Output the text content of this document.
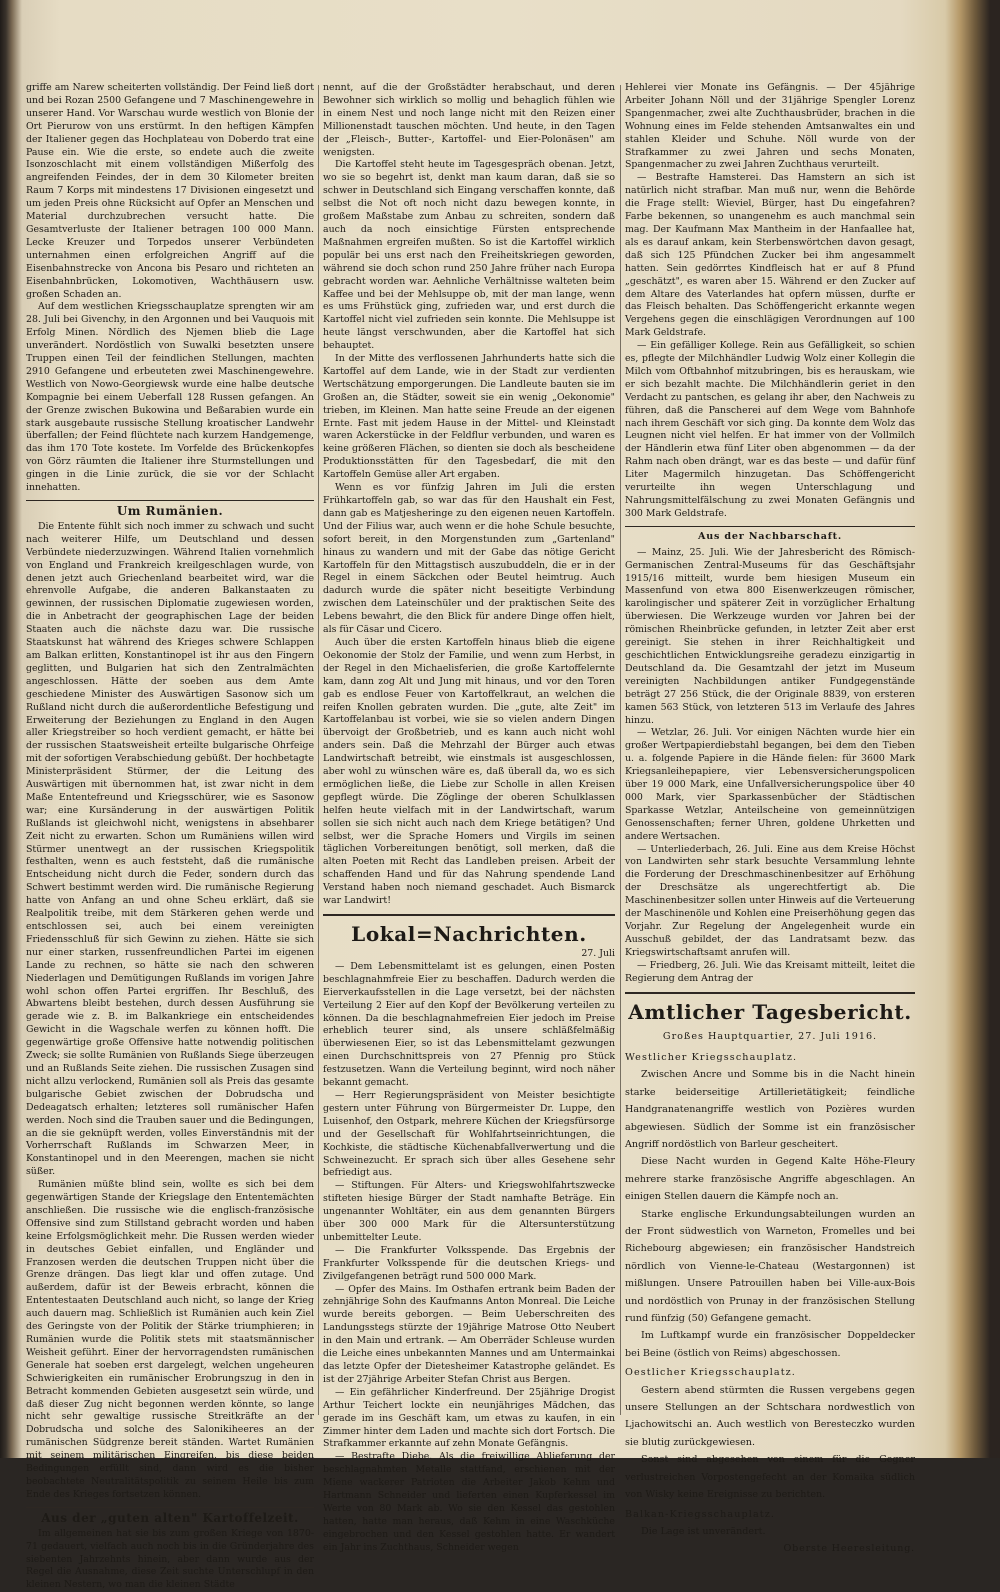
griffe am Narew scheiterten vollständig. Der Feind ließ dort und bei Rozan 2500 Gefangene und 7 Maschinengewehre in unserer Hand. Vor Warschau wurde westlich von Blonie der Ort Pierurow von uns erstürmt. In den heftigen Kämpfen der Italiener gegen das Hochplateau von Doberdo trat eine Pause ein. Wie die erste, so endete auch die zweite Isonzoschlacht mit einem vollständigen Mißerfolg des angreifenden Feindes, der in dem 30 Kilometer breiten Raum 7 Korps mit mindestens 17 Divisionen eingesetzt und um jeden Preis ohne Rücksicht auf Opfer an Menschen und Material durchzubrechen versucht hatte. Die Gesamtverluste der Italiener betragen 100 000 Mann. Lecke Kreuzer und Torpedos unserer Verbündeten unternahmen einen erfolgreichen Angriff auf die Eisenbahnstrecke von Ancona bis Pesaro und richteten an Eisenbahnbrücken, Lokomotiven, Wachthäusern usw. großen Schaden an.

Auf dem westlichen Kriegsschauplatze sprengten wir am 28. Juli bei Givenchy, in den Argonnen und bei Vauquois mit Erfolg Minen. Nördlich des Njemen blieb die Lage unverändert. Nordöstlich von Suwalki besetzten unsere Truppen einen Teil der feindlichen Stellungen, machten 2910 Gefangene und erbeuteten zwei Maschinengewehre. Westlich von Nowo-Georgiewsk wurde eine halbe deutsche Kompagnie bei einem Ueberfall 128 Russen gefangen. An der Grenze zwischen Bukowina und Beßarabien wurde ein stark ausgebaute russische Stellung kroatischer Landwehr überfallen; der Feind flüchtete nach kurzem Handgemenge, das ihm 170 Tote kostete. Im Vorfelde des Brückenkopfes von Görz räumten die Italiener ihre Sturmstellungen und gingen in die Linie zurück, die sie vor der Schlacht innehatten.

Um Rumänien.

Die Entente fühlt sich noch immer zu schwach und sucht nach weiterer Hilfe, um Deutschland und dessen Verbündete niederzuzwingen. Während Italien vornehmlich von England und Frankreich kreilgeschlagen wurde, von denen jetzt auch Griechenland bearbeitet wird, war die ehrenvolle Aufgabe, die anderen Balkanstaaten zu gewinnen, der russischen Diplomatie zugewiesen worden, die in Anbetracht der geographischen Lage der beiden Staaten auch die nächste dazu war. Die russische Staatskunst hat während des Krieges schwere Schlappen am Balkan erlitten, Konstantinopel ist ihr aus den Fingern geglitten, und Bulgarien hat sich den Zentralmächten angeschlossen. Hätte der soeben aus dem Amte geschiedene Minister des Auswärtigen Sasonow sich um Rußland nicht durch die außerordentliche Befestigung und Erweiterung der Beziehungen zu England in den Augen aller Kriegstreiber so hoch verdient gemacht, er hätte bei der russischen Staatsweisheit erteilte bulgarische Ohrfeige mit der sofortigen Verabschiedung gebüßt. Der hochbetagte Ministerpräsident Stürmer, der die Leitung des Auswärtigen mit übernommen hat, ist zwar nicht in dem Maße Ententefreund und Kriegsschürer, wie es Sasonow war; eine Kursänderung in der auswärtigen Politik Rußlands ist gleichwohl nicht, wenigstens in absehbarer Zeit nicht zu erwarten. Schon um Rumäniens willen wird Stürmer unentwegt an der russischen Kriegspolitik festhalten, wenn es auch feststeht, daß die rumänische Entscheidung nicht durch die Feder, sondern durch das Schwert bestimmt werden wird. Die rumänische Regierung hatte von Anfang an und ohne Scheu erklärt, daß sie Realpolitik treibe, mit dem Stärkeren gehen werde und entschlossen sei, auch bei einem vereinigten Friedensschluß für sich Gewinn zu ziehen. Hätte sie sich nur einer starken, russenfreundlichen Partei im eigenen Lande zu rechnen, so hätte sie nach den schweren Niederlagen und Demütigungen Rußlands im vorigen Jahre wohl schon offen Partei ergriffen. Ihr Beschluß, des Abwartens bleibt bestehen, durch dessen Ausführung sie gerade wie z. B. im Balkankriege ein entscheidendes Gewicht in die Wagschale werfen zu können hofft. Die gegenwärtige große Offensive hatte notwendig politischen Zweck; sie sollte Rumänien von Rußlands Siege überzeugen und an Rußlands Seite ziehen. Die russischen Zusagen sind nicht allzu verlockend, Rumänien soll als Preis das gesamte bulgarische Gebiet zwischen der Dobrudscha und Dedeagatsch erhalten; letzteres soll rumänischer Hafen werden. Noch sind die Trauben sauer und die Bedingungen, an die sie geknüpft werden, volles Einverständnis mit der Vorherrschaft Rußlands im Schwarzen Meer, in Konstantinopel und in den Meerengen, machen sie nicht süßer.

Rumänien müßte blind sein, wollte es sich bei dem gegenwärtigen Stande der Kriegslage den Ententemächten anschließen. Die russische wie die englisch-französische Offensive sind zum Stillstand gebracht worden und haben keine Erfolgsmöglichkeit mehr. Die Russen werden wieder in deutsches Gebiet einfallen, und Engländer und Franzosen werden die deutschen Truppen nicht über die Grenze drängen. Das liegt klar und offen zutage. Und außerdem, dafür ist der Beweis erbracht, können die Ententestaaten Deutschland auch nicht, so lange der Krieg auch dauern mag. Schließlich ist Rumänien auch kein Ziel des Geringste von der Politik der Stärke triumphieren; in Rumänien wurde die Politik stets mit staatsmännischer Weisheit geführt. Einer der hervorragendsten rumänischen Generale hat soeben erst dargelegt, welchen ungeheuren Schwierigkeiten ein rumänischer Erobrungszug in den in Betracht kommenden Gebieten ausgesetzt sein würde, und daß dieser Zug nicht begonnen werden könnte, so lange nicht sehr gewaltige russische Streitkräfte an der Dobrudscha und solche des Salonikiheeres an der rumänischen Südgrenze bereit ständen. Wartet Rumänien mit seinem militärischen Eingreifen, bis diese beiden Bedingungen erfüllt sind, dann wird es die bisher beobachtete Neutralitätspolitik zu seinem Heile bis zum Ende des Krieges fortsetzen können.

Aus der „guten alten" Kartoffelzeit.

Im allgemeinen hat sie bis zum großen Kriege von 1870-71 gedauert, vielfach auch noch bis in die Gründerjahre des siebenten Jahrzehnts hinein, aber dann wurde aus der Regel die Ausnahme, diese Zeit suchte Unterschlupf in den kleinen Nestern, wo man die kleinen Städte

nennt, auf die der Großstädter herabschaut, und deren Bewohner sich wirklich so mollig und behaglich fühlen wie in einem Nest und noch lange nicht mit den Reizen einer Millionenstadt tauschen möchten. Und heute, in den Tagen der „Fleisch-, Butter-, Kartoffel- und Eier-Polonäsen" am wenigsten.

Die Kartoffel steht heute im Tagesgespräch obenan. Jetzt, wo sie so begehrt ist, denkt man kaum daran, daß sie so schwer in Deutschland sich Eingang verschaffen konnte, daß selbst die Not oft noch nicht dazu bewegen konnte, in großem Maßstabe zum Anbau zu schreiten, sondern daß auch da noch einsichtige Fürsten entsprechende Maßnahmen ergreifen mußten. So ist die Kartoffel wirklich populär bei uns erst nach den Freiheitskriegen geworden, während sie doch schon rund 250 Jahre früher nach Europa gebracht worden war. Aehnliche Verhältnisse walteten beim Kaffee und bei der Mehlsuppe ob, mit der man lange, wenn es ums Frühstück ging, zufrieden war, und erst durch die Kartoffel nicht viel zufrieden sein konnte. Die Mehlsuppe ist heute längst verschwunden, aber die Kartoffel hat sich behauptet.

In der Mitte des verflossenen Jahrhunderts hatte sich die Kartoffel auf dem Lande, wie in der Stadt zur verdienten Wertschätzung emporgerungen. Die Landleute bauten sie im Großen an, die Städter, soweit sie ein wenig „Oekonomie" trieben, im Kleinen. Man hatte seine Freude an der eigenen Ernte. Fast mit jedem Hause in der Mittel- und Kleinstadt waren Ackerstücke in der Feldflur verbunden, und waren es keine größeren Flächen, so dienten sie doch als bescheidene Produktionsstätten für den Tagesbedarf, die mit den Kartoffeln Gemüse aller Art ergaben.

Wenn es vor fünfzig Jahren im Juli die ersten Frühkartoffeln gab, so war das für den Haushalt ein Fest, dann gab es Matjesheringe zu den eigenen neuen Kartoffeln. Und der Filius war, auch wenn er die hohe Schule besuchte, sofort bereit, in den Morgenstunden zum „Gartenland" hinaus zu wandern und mit der Gabe das nötige Gericht Kartoffeln für den Mittagstisch auszubuddeln, die er in der Regel in einem Säckchen oder Beutel heimtrug. Auch dadurch wurde die später nicht beseitigte Verbindung zwischen dem Lateinschüler und der praktischen Seite des Lebens bewahrt, die den Blick für andere Dinge offen hielt, als für Cäsar und Cicero.

Auch über die ersten Kartoffeln hinaus blieb die eigene Oekonomie der Stolz der Familie, und wenn zum Herbst, in der Regel in den Michaelisferien, die große Kartoffelernte kam, dann zog Alt und Jung mit hinaus, und vor den Toren gab es endlose Feuer von Kartoffelkraut, an welchen die reifen Knollen gebraten wurden. Die „gute, alte Zeit" im Kartoffelanbau ist vorbei, wie sie so vielen andern Dingen übervoigt der Großbetrieb, und es kann auch nicht wohl anders sein. Daß die Mehrzahl der Bürger auch etwas Landwirtschaft betreibt, wie einstmals ist ausgeschlossen, aber wohl zu wünschen wäre es, daß überall da, wo es sich ermöglichen ließe, die Liebe zur Scholle in allen Kreisen gepflegt würde. Die Zöglinge der oberen Schulklassen helfen heute vielfach mit in der Landwirtschaft, warum sollen sie sich nicht auch nach dem Kriege betätigen? Und selbst, wer die Sprache Homers und Virgils im seinen täglichen Vorbereitungen benötigt, soll merken, daß die alten Poeten mit Recht das Landleben preisen. Arbeit der schaffenden Hand und für das Nahrung spendende Land Verstand haben noch niemand geschadet. Auch Bismarck war Landwirt!

Lokal=Nachrichten.
27. Juli

— Dem Lebensmittelamt ist es gelungen, einen Posten beschlagnahmfreie Eier zu beschaffen. Dadurch werden die Eierverkaufsstellen in die Lage versetzt, bei der nächsten Verteilung 2 Eier auf den Kopf der Bevölkerung verteilen zu können. Da die beschlagnahmefreien Eier jedoch im Preise erheblich teurer sind, als unsere schläßfelmäßig überwiesenen Eier, so ist das Lebensmittelamt gezwungen einen Durchschnittspreis von 27 Pfennig pro Stück festzusetzen. Wann die Verteilung beginnt, wird noch näher bekannt gemacht.

— Herr Regierungspräsident von Meister besichtigte gestern unter Führung von Bürgermeister Dr. Luppe, den Luisenhof, den Ostpark, mehrere Küchen der Kriegsfürsorge und der Gesellschaft für Wohlfahrtseinrichtungen, die Kochkiste, die städtische Küchenabfallverwertung und die Schweinezucht. Er sprach sich über alles Gesehene sehr befriedigt aus.

— Stiftungen. Für Alters- und Kriegswohlfahrtszwecke stifteten hiesige Bürger der Stadt namhafte Beträge. Ein ungenannter Wohltäter, ein aus dem genannten Bürgers über 300 000 Mark für die Altersunterstützung unbemittelter Leute.

— Die Frankfurter Volksspende. Das Ergebnis der Frankfurter Volksspende für die deutschen Kriegs- und Zivilgefangenen beträgt rund 500 000 Mark.

— Opfer des Mains. Im Osthafen ertrank beim Baden der zehnjährige Sohn des Kaufmanns Anton Monreal. Die Leiche wurde bereits geborgen. — Beim Ueberschreiten des Landungsstegs stürzte der 19jährige Matrose Otto Neubert in den Main und ertrank. — Am Oberräder Schleuse wurden die Leiche eines unbekannten Mannes und am Untermainkai das letzte Opfer der Dietesheimer Katastrophe geländet. Es ist der 27jährige Arbeiter Stefan Christ aus Bergen.

— Ein gefährlicher Kinderfreund. Der 25jährige Drogist Arthur Teichert lockte ein neunjähriges Mädchen, das gerade im ins Geschäft kam, um etwas zu kaufen, in ein Zimmer hinter dem Laden und machte sich dort Fortsch. Die Strafkammer erkannte auf zehn Monate Gefängnis.

— Bestrafte Diebe. Als die freiwillige Ablieferung der beschlagnahmten Metalle stattfand, erschienen mit der Miene wackerer Patrioten die Arbeiter Jakob Kehm und Hartmann Schneider und lieferten einen Kupferkessel im Werte von 80 Mark ab. Wo sie den Kessel das gestohlen hatten, hatte man heraus, daß Kehm in eine Waschküche eingebrochen und den Kessel gestohlen hatte. Er wandert ein Jahr ins Zuchthaus, Schneider wegen

Hehlerei vier Monate ins Gefängnis. — Der 45jährige Arbeiter Johann Nöll und der 31jährige Spengler Lorenz Spangenmacher, zwei alte Zuchthausbrüder, brachen in die Wohnung eines im Felde stehenden Amtsanwaltes ein und stahlen Kleider und Schuhe. Nöll wurde von der Strafkammer zu zwei Jahren und sechs Monaten, Spangenmacher zu zwei Jahren Zuchthaus verurteilt.

— Bestrafte Hamsterei. Das Hamstern an sich ist natürlich nicht strafbar. Man muß nur, wenn die Behörde die Frage stellt: Wieviel, Bürger, hast Du eingefahren? Farbe bekennen, so unangenehm es auch manchmal sein mag. Der Kaufmann Max Mantheim in der Hanfaallee hat, als es darauf ankam, kein Sterbenswörtchen davon gesagt, daß sich 125 Pfündchen Zucker bei ihm angesammelt hatten. Sein gedörrtes Kindfleisch hat er auf 8 Pfund „geschätzt", es waren aber 15. Während er den Zucker auf dem Altare des Vaterlandes hat opfern müssen, durfte er das Fleisch behalten. Das Schöffengericht erkannte wegen Vergehens gegen die einschlägigen Verordnungen auf 100 Mark Geldstrafe.

— Ein gefälliger Kollege. Rein aus Gefälligkeit, so schien es, pflegte der Milchhändler Ludwig Wolz einer Kollegin die Milch vom Oftbahnhof mitzubringen, bis es herauskam, wie er sich bezahlt machte. Die Milchhändlerin geriet in den Verdacht zu pantschen, es gelang ihr aber, den Nachweis zu führen, daß die Panscherei auf dem Wege vom Bahnhofe nach ihrem Geschäft vor sich ging. Da konnte dem Wolz das Leugnen nicht viel helfen. Er hat immer von der Vollmilch der Händlerin etwa fünf Liter oben abgenommen — da der Rahm nach oben drängt, war es das beste — und dafür fünf Liter Magermilch hinzugetan. Das Schöffengericht verurteilte ihn wegen Unterschlagung und Nahrungsmittelfälschung zu zwei Monaten Gefängnis und 300 Mark Geldstrafe.

Aus der Nachbarschaft.

— Mainz, 25. Juli. Wie der Jahresbericht des Römisch-Germanischen Zentral-Museums für das Geschäftsjahr 1915/16 mitteilt, wurde bem hiesigen Museum ein Massenfund von etwa 800 Eisenwerkzeugen römischer, karolingischer und späterer Zeit in vorzüglicher Erhaltung überwiesen. Die Werkzeuge wurden vor Jahren bei der römischen Rheinbrücke gefunden, in letzter Zeit aber erst gereinigt. Sie stehen in ihrer Reichhaltigkeit und geschichtlichen Entwicklungsreihe geradezu einzigartig in Deutschland da. Die Gesamtzahl der jetzt im Museum vereinigten Nachbildungen antiker Fundgegenstände beträgt 27 256 Stück, die der Originale 8839, von ersteren kamen 563 Stück, von letzteren 513 im Verlaufe des Jahres hinzu.

— Wetzlar, 26. Juli. Vor einigen Nächten wurde hier ein großer Wertpapierdiebstahl begangen, bei dem den Tieben u. a. folgende Papiere in die Hände fielen: für 3600 Mark Kriegsanleihepapiere, vier Lebensversicherungspolicen über 19 000 Mark, eine Unfallversicherungspolice über 40 000 Mark, vier Sparkassenbücher der Städtischen Sparkasse Wetzlar, Anteilscheine von gemeinnützigen Genossenschaften; ferner Uhren, goldene Uhrketten und andere Wertsachen.

— Unterliederbach, 26. Juli. Eine aus dem Kreise Höchst von Landwirten sehr stark besuchte Versammlung lehnte die Forderung der Dreschmaschinenbesitzer auf Erhöhung der Dreschsätze als ungerechtfertigt ab. Die Maschinenbesitzer sollen unter Hinweis auf die Verteuerung der Maschinenöle und Kohlen eine Preiserhöhung gegen das Vorjahr. Zur Regelung der Angelegenheit wurde ein Ausschuß gebildet, der das Landratsamt bezw. das Kriegswirtschaftsamt anrufen will.

— Friedberg, 26. Juli. Wie das Kreisamt mitteilt, leitet die Regierung dem Antrag der

Amtlicher Tagesbericht.

Großes Hauptquartier, 27. Juli 1916.

Westlicher Kriegsschauplatz.

Zwischen Ancre und Somme bis in die Nacht hinein starke beiderseitige Artillerietätigkeit; feindliche Handgranatenangriffe westlich von Pozières wurden abgewiesen. Südlich der Somme ist ein französischer Angriff nordöstlich von Barleur gescheitert.

Diese Nacht wurden in Gegend Kalte Höhe-Fleury mehrere starke französische Angriffe abgeschlagen. An einigen Stellen dauern die Kämpfe noch an.

Starke englische Erkundungsabteilungen wurden an der Front südwestlich von Warneton, Fromelles und bei Richebourg abgewiesen; ein französischer Handstreich nördlich von Vienne-le-Chateau (Westargonnen) ist mißlungen. Unsere Patrouillen haben bei Ville-aux-Bois und nordöstlich von Prunay in der französischen Stellung rund fünfzig (50) Gefangene gemacht.

Im Luftkampf wurde ein französischer Doppeldecker bei Beine (östlich von Reims) abgeschossen.

Oestlicher Kriegsschauplatz.

Gestern abend stürmten die Russen vergebens gegen unsere Stellungen an der Schtschara nordwestlich von Ljachowitschi an. Auch westlich von Beresteczko wurden sie blutig zurückgewiesen.

Sonst sind abgesehen von einem für die Gegner verlustreichen Vorpostengefecht an der Komaika südlich von Wisky keine Ereignisse zu berichten.

Balkan-Kriegsschauplatz.

Die Lage ist unverändert.

Oberste Heeresleitung.
